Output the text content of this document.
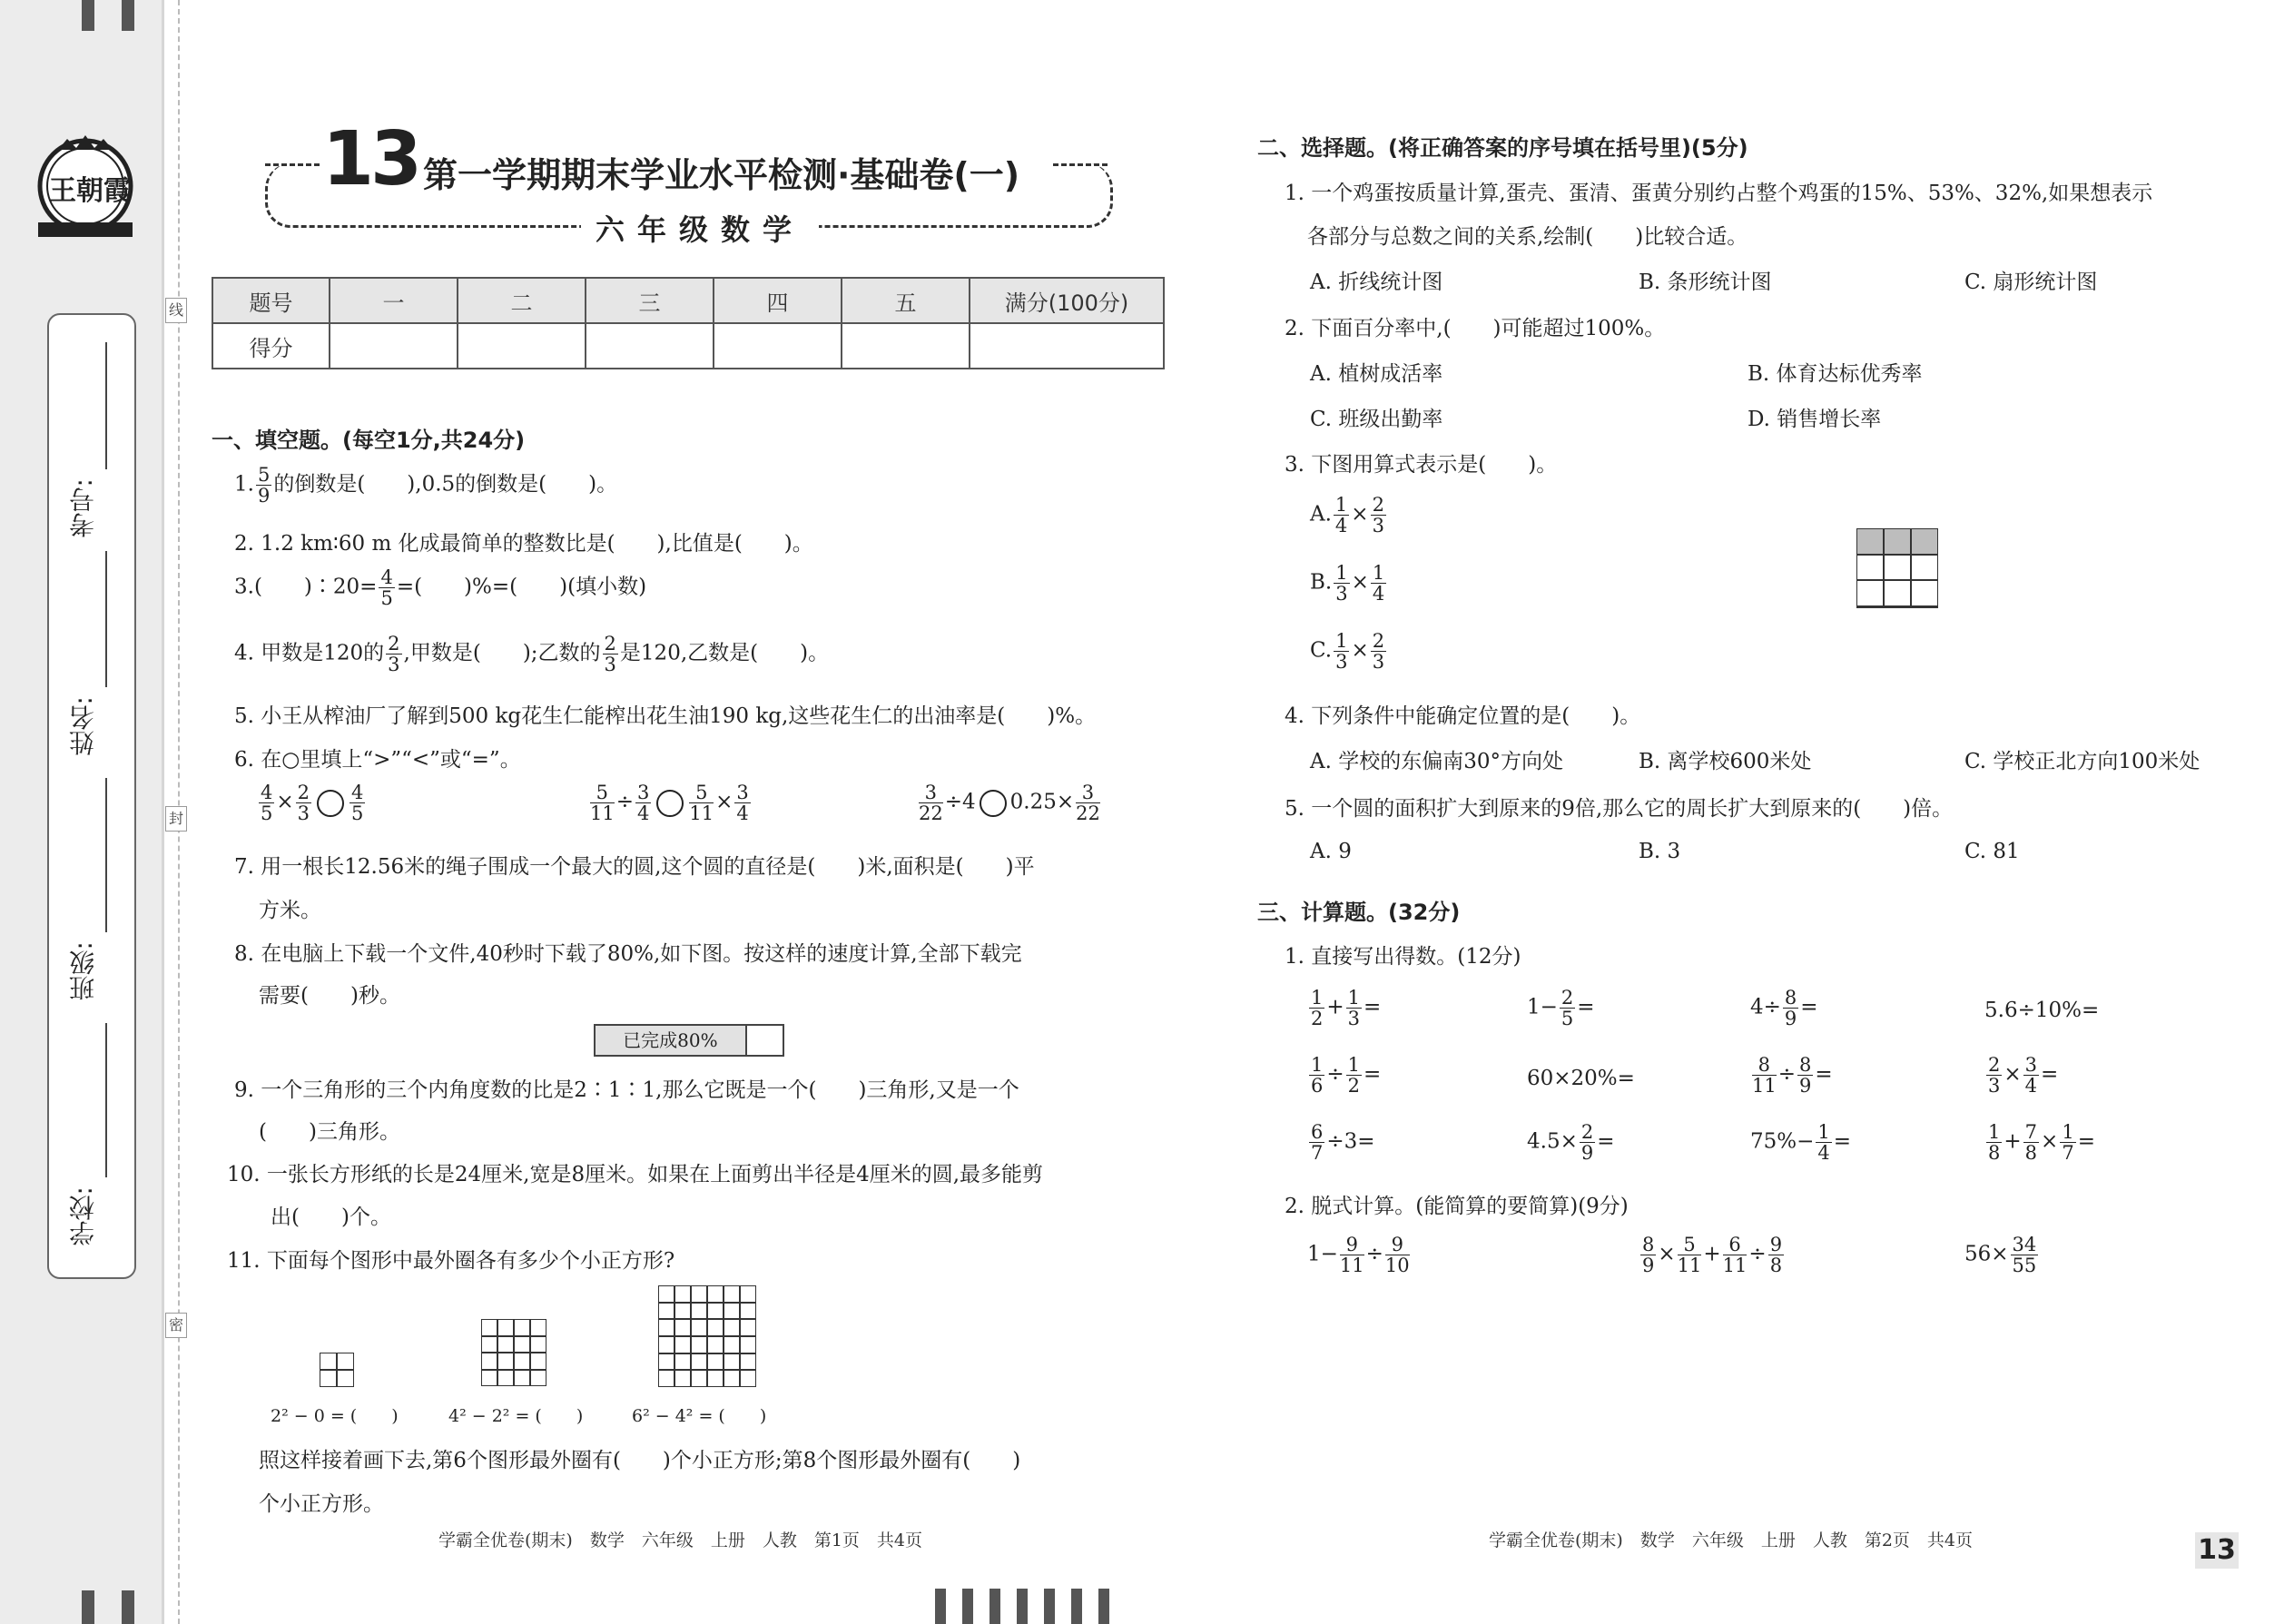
王朝霞
考号:
姓名:
班级:
学校:
线
封
密
13 第一学期期末学业水平检测·基础卷(一)
六年级数学
题号	一	二	三	四	五	满分(100分)
得分						
一、填空题。(每空1分,共24分)
1. $\frac{5}{9}$ 的倒数是(　　),0.5的倒数是(　　)。
2. 1.2 km∶60 m 化成最简单的整数比是(　　),比值是(　　)。
3.(　　)∶20= $\frac{4}{5}$ =(　　)%=(　　)(填小数)
4. 甲数是120的 $\frac{2}{3}$ ,甲数是(　　);乙数的 $\frac{2}{3}$ 是120,乙数是(　　)。
5. 小王从榨油厂了解到500 kg花生仁能榨出花生油190 kg,这些花生仁的出油率是(　　)%。
6. 在○里填上“>”“<”或“=”。
$\frac{4}{5} \times \frac{2}{3} \frac{4}{5}$	$\frac{5}{11} \div \frac{3}{4} \frac{5}{11} \times \frac{3}{4}$	$\frac{3}{22} \div 4$ $0.25\times \frac{3}{22}$
7. 用一根长12.56米的绳子围成一个最大的圆,这个圆的直径是(　　)米,面积是(　　)平
方米。
8. 在电脑上下载一个文件,40秒时下载了80%,如下图。按这样的速度计算,全部下载完
需要(　　)秒。
已完成80%
9. 一个三角形的三个内角度数的比是2∶1∶1,那么它既是一个(　　)三角形,又是一个
(　　)三角形。
10. 一张长方形纸的长是24厘米,宽是8厘米。如果在上面剪出半径是4厘米的圆,最多能剪
出(　　)个。
11. 下面每个图形中最外圈各有多少个小正方形?
2² − 0 = (　　)	4² − 2² = (　　)	6² − 4² = (　　)
照这样接着画下去,第6个图形最外圈有(　　)个小正方形;第8个图形最外圈有(　　)
个小正方形。
二、选择题。(将正确答案的序号填在括号里)(5分)
1. 一个鸡蛋按质量计算,蛋壳、蛋清、蛋黄分别约占整个鸡蛋的15%、53%、32%,如果想表示
各部分与总数之间的关系,绘制(　　)比较合适。
A. 折线统计图	B. 条形统计图	C. 扇形统计图
2. 下面百分率中,(　　)可能超过100%。
A. 植树成活率	B. 体育达标优秀率
C. 班级出勤率	D. 销售增长率
3. 下图用算式表示是(　　)。
A. $\frac{1}{4} \times \frac{2}{3}$
B. $\frac{1}{3} \times \frac{1}{4}$
C. $\frac{1}{3} \times \frac{2}{3}$
4. 下列条件中能确定位置的是(　　)。
A. 学校的东偏南30°方向处	B. 离学校600米处	C. 学校正北方向100米处
5. 一个圆的面积扩大到原来的9倍,那么它的周长扩大到原来的(　　)倍。
A. 9	B. 3	C. 81
三、计算题。(32分)
1. 直接写出得数。(12分)
$\frac{1}{2} + \frac{1}{3}$ =	$1- \frac{2}{5}$ =	$4\div \frac{8}{9}$ =	5.6÷10%=
$\frac{1}{6} \div \frac{1}{2}$ =	60×20%=	$\frac{8}{11} \div \frac{8}{9}$ =	$\frac{2}{3} \times \frac{3}{4}$ =
$\frac{6}{7} \div 3=$	$4.5\times \frac{2}{9}$ =	$75\%- \frac{1}{4}$ =	$\frac{1}{8} + \frac{7}{8} \times \frac{1}{7}$ =
2. 脱式计算。(能简算的要简算)(9分)
$1- \frac{9}{11} \div \frac{9}{10}$	$\frac{8}{9} \times \frac{5}{11} + \frac{6}{11} \div \frac{9}{8}$	$56\times \frac{34}{55}$
学霸全优卷(期末)　数学　六年级　上册　人教　第1页　共4页	学霸全优卷(期末)　数学　六年级　上册　人教　第2页　共4页	13
